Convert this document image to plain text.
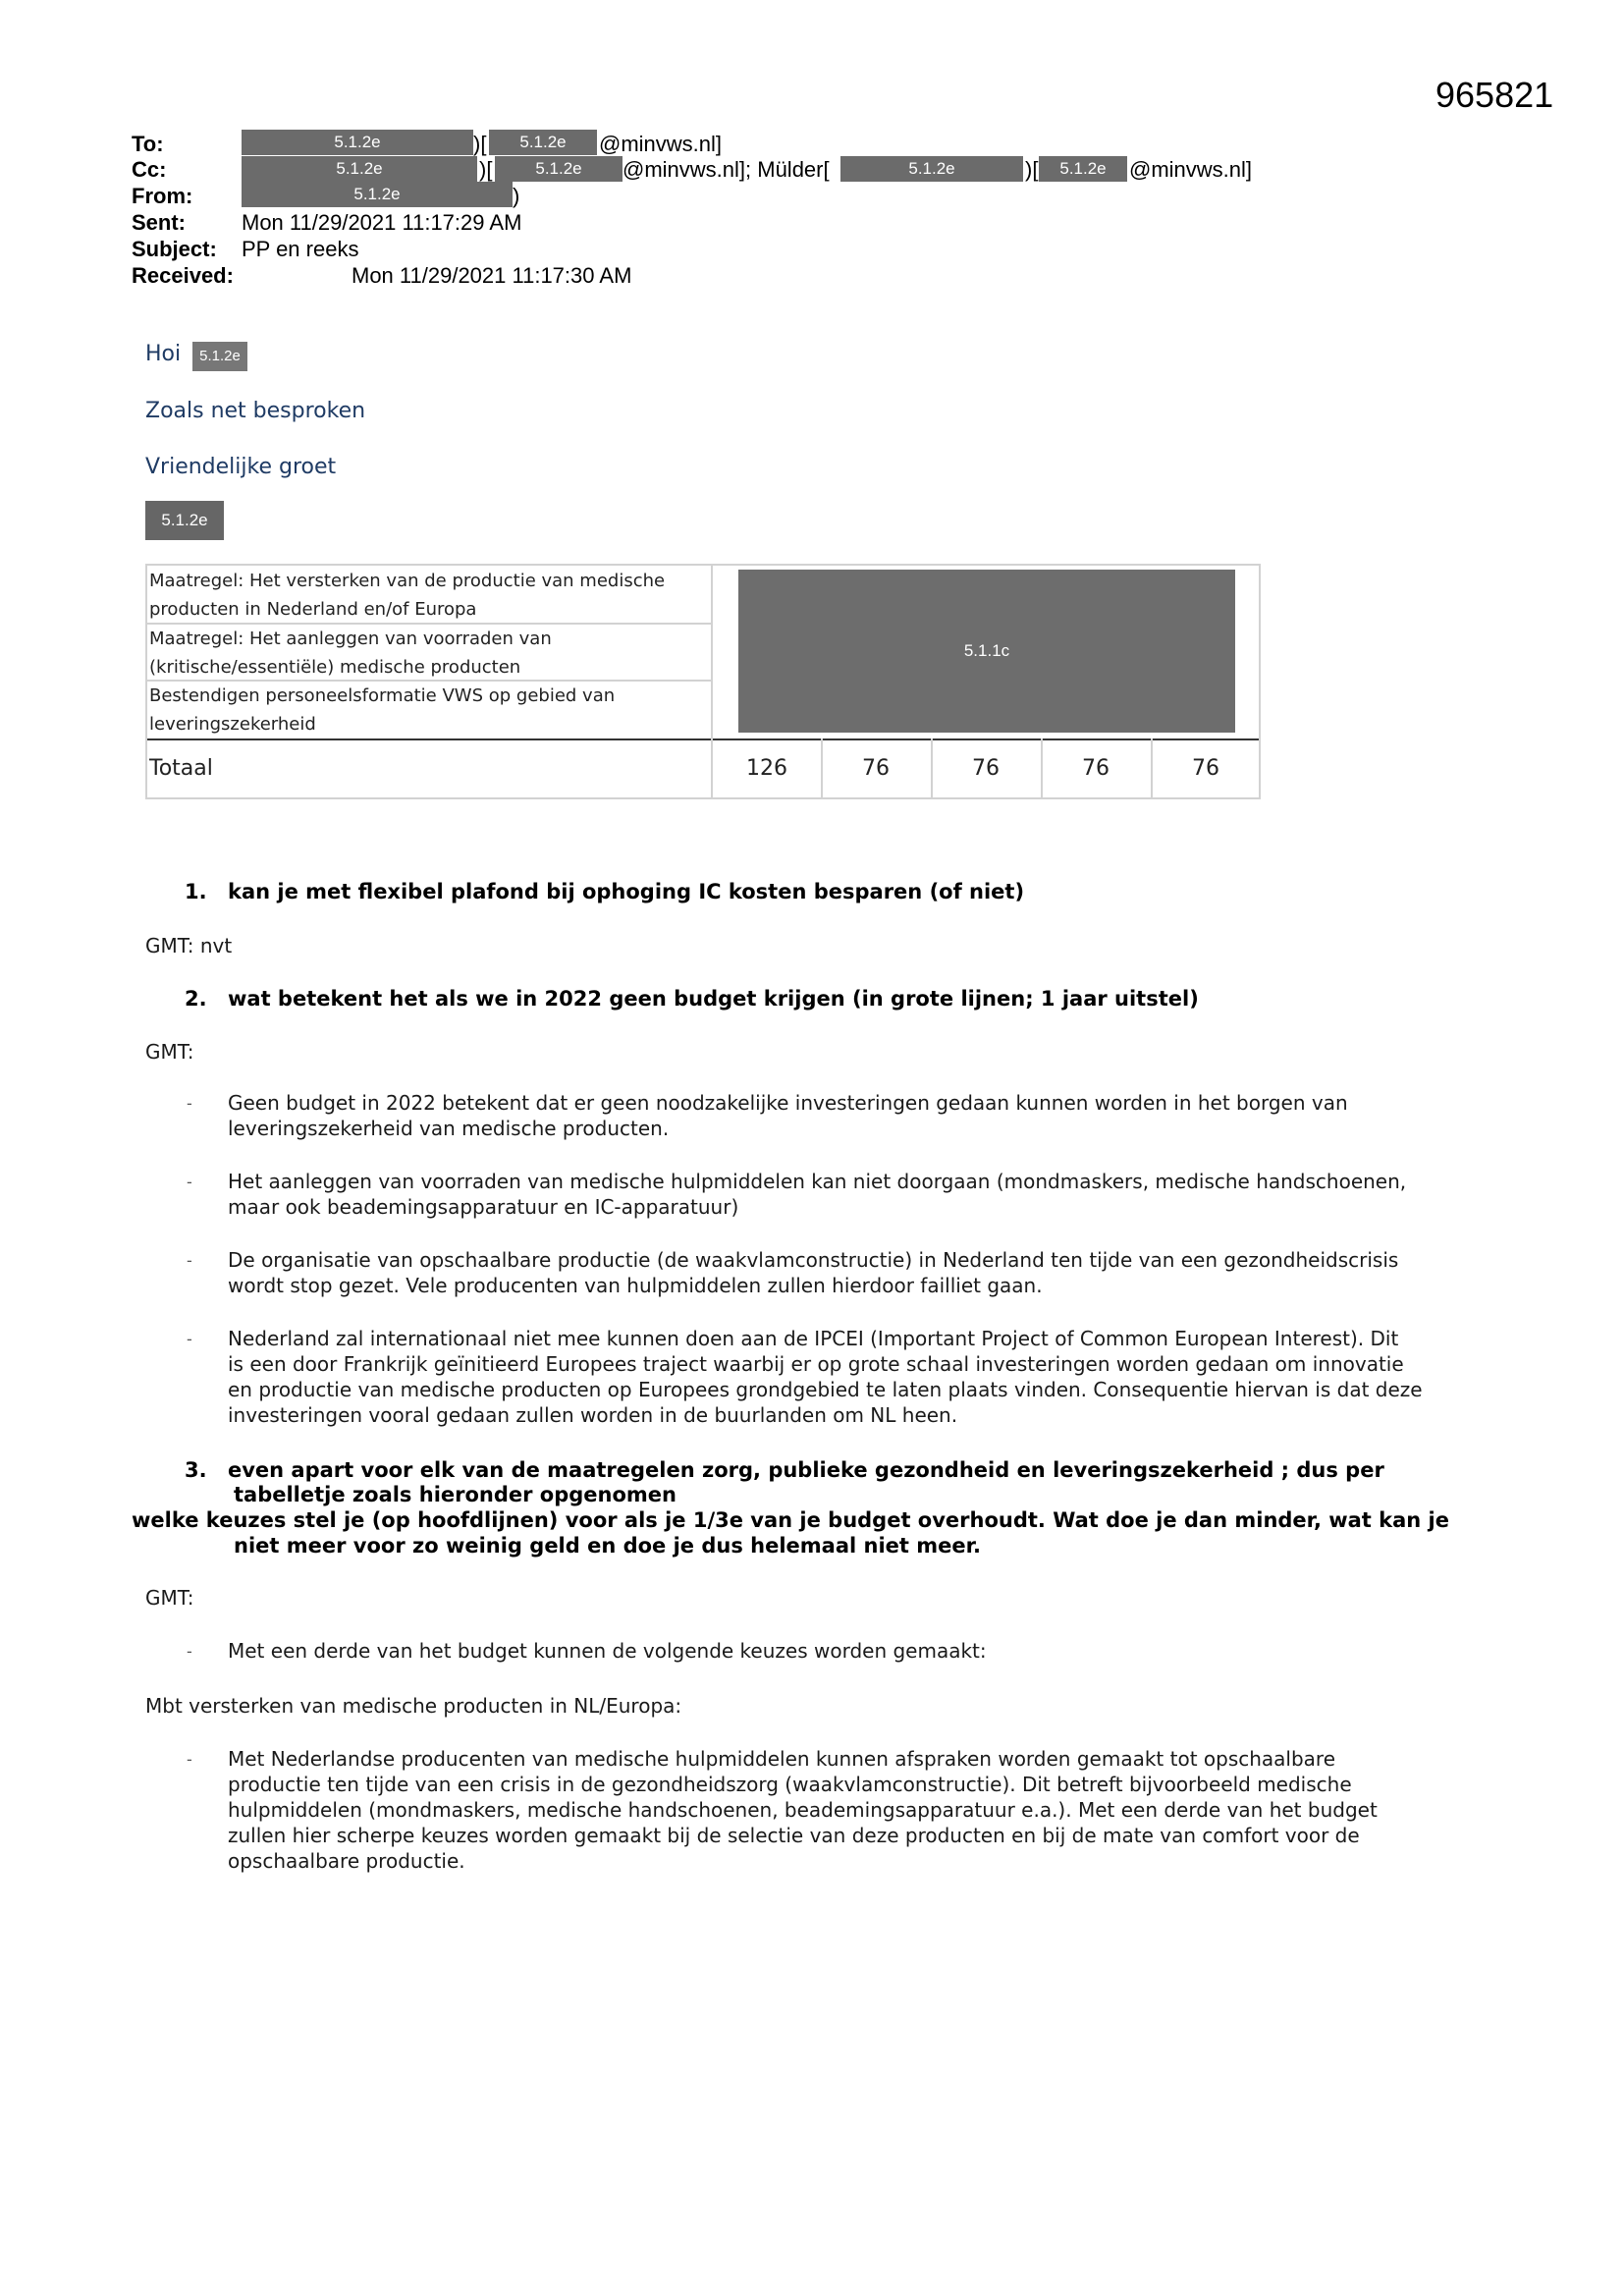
965821
To:	5.1.2e	)[	5.1.2e	@minvws.nl]
Cc:	5.1.2e	)[	5.1.2e	@minvws.nl]; Mülder[	5.1.2e	)[	5.1.2e	@minvws.nl]
From:	5.1.2e	)
Sent:	Mon 11/29/2021 11:17:29 AM
Subject: PP en reeks
Received:	Mon 11/29/2021 11:17:30 AM
Hoi	5.1.2e
Zoals net besproken
Vriendelijke groet
5.1.2e
Maatregel: Het versterken van de productie van medische
producten in Nederland en/of Europa
Maatregel: Het aanleggen van voorraden van
(kritische/essentiële) medische producten
Bestendigen personeelsformatie VWS op gebied van
leveringszekerheid
5.1.1c
Totaal	126	76	76	76	76
1. kan je met flexibel plafond bij ophoging IC kosten besparen (of niet)
GMT: nvt
2. wat betekent het als we in 2022 geen budget krijgen (in grote lijnen; 1 jaar uitstel)
GMT:
- Geen budget in 2022 betekent dat er geen noodzakelijke investeringen gedaan kunnen worden in het borgen van
leveringszekerheid van medische producten.
- Het aanleggen van voorraden van medische hulpmiddelen kan niet doorgaan (mondmaskers, medische handschoenen,
maar ook beademingsapparatuur en IC-apparatuur)
- De organisatie van opschaalbare productie (de waakvlamconstructie) in Nederland ten tijde van een gezondheidscrisis
wordt stop gezet. Vele producenten van hulpmiddelen zullen hierdoor failliet gaan.
- Nederland zal internationaal niet mee kunnen doen aan de IPCEI (Important Project of Common European Interest). Dit
is een door Frankrijk geïnitieerd Europees traject waarbij er op grote schaal investeringen worden gedaan om innovatie
en productie van medische producten op Europees grondgebied te laten plaats vinden. Consequentie hiervan is dat deze
investeringen vooral gedaan zullen worden in de buurlanden om NL heen.
3. even apart voor elk van de maatregelen zorg, publieke gezondheid en leveringszekerheid ; dus per
tabelletje zoals hieronder opgenomen
welke keuzes stel je (op hoofdlijnen) voor als je 1/3e van je budget overhoudt. Wat doe je dan minder, wat kan je
niet meer voor zo weinig geld en doe je dus helemaal niet meer.
GMT:
- Met een derde van het budget kunnen de volgende keuzes worden gemaakt:
Mbt versterken van medische producten in NL/Europa:
- Met Nederlandse producenten van medische hulpmiddelen kunnen afspraken worden gemaakt tot opschaalbare
productie ten tijde van een crisis in de gezondheidszorg (waakvlamconstructie). Dit betreft bijvoorbeeld medische
hulpmiddelen (mondmaskers, medische handschoenen, beademingsapparatuur e.a.). Met een derde van het budget
zullen hier scherpe keuzes worden gemaakt bij de selectie van deze producten en bij de mate van comfort voor de
opschaalbare productie.
